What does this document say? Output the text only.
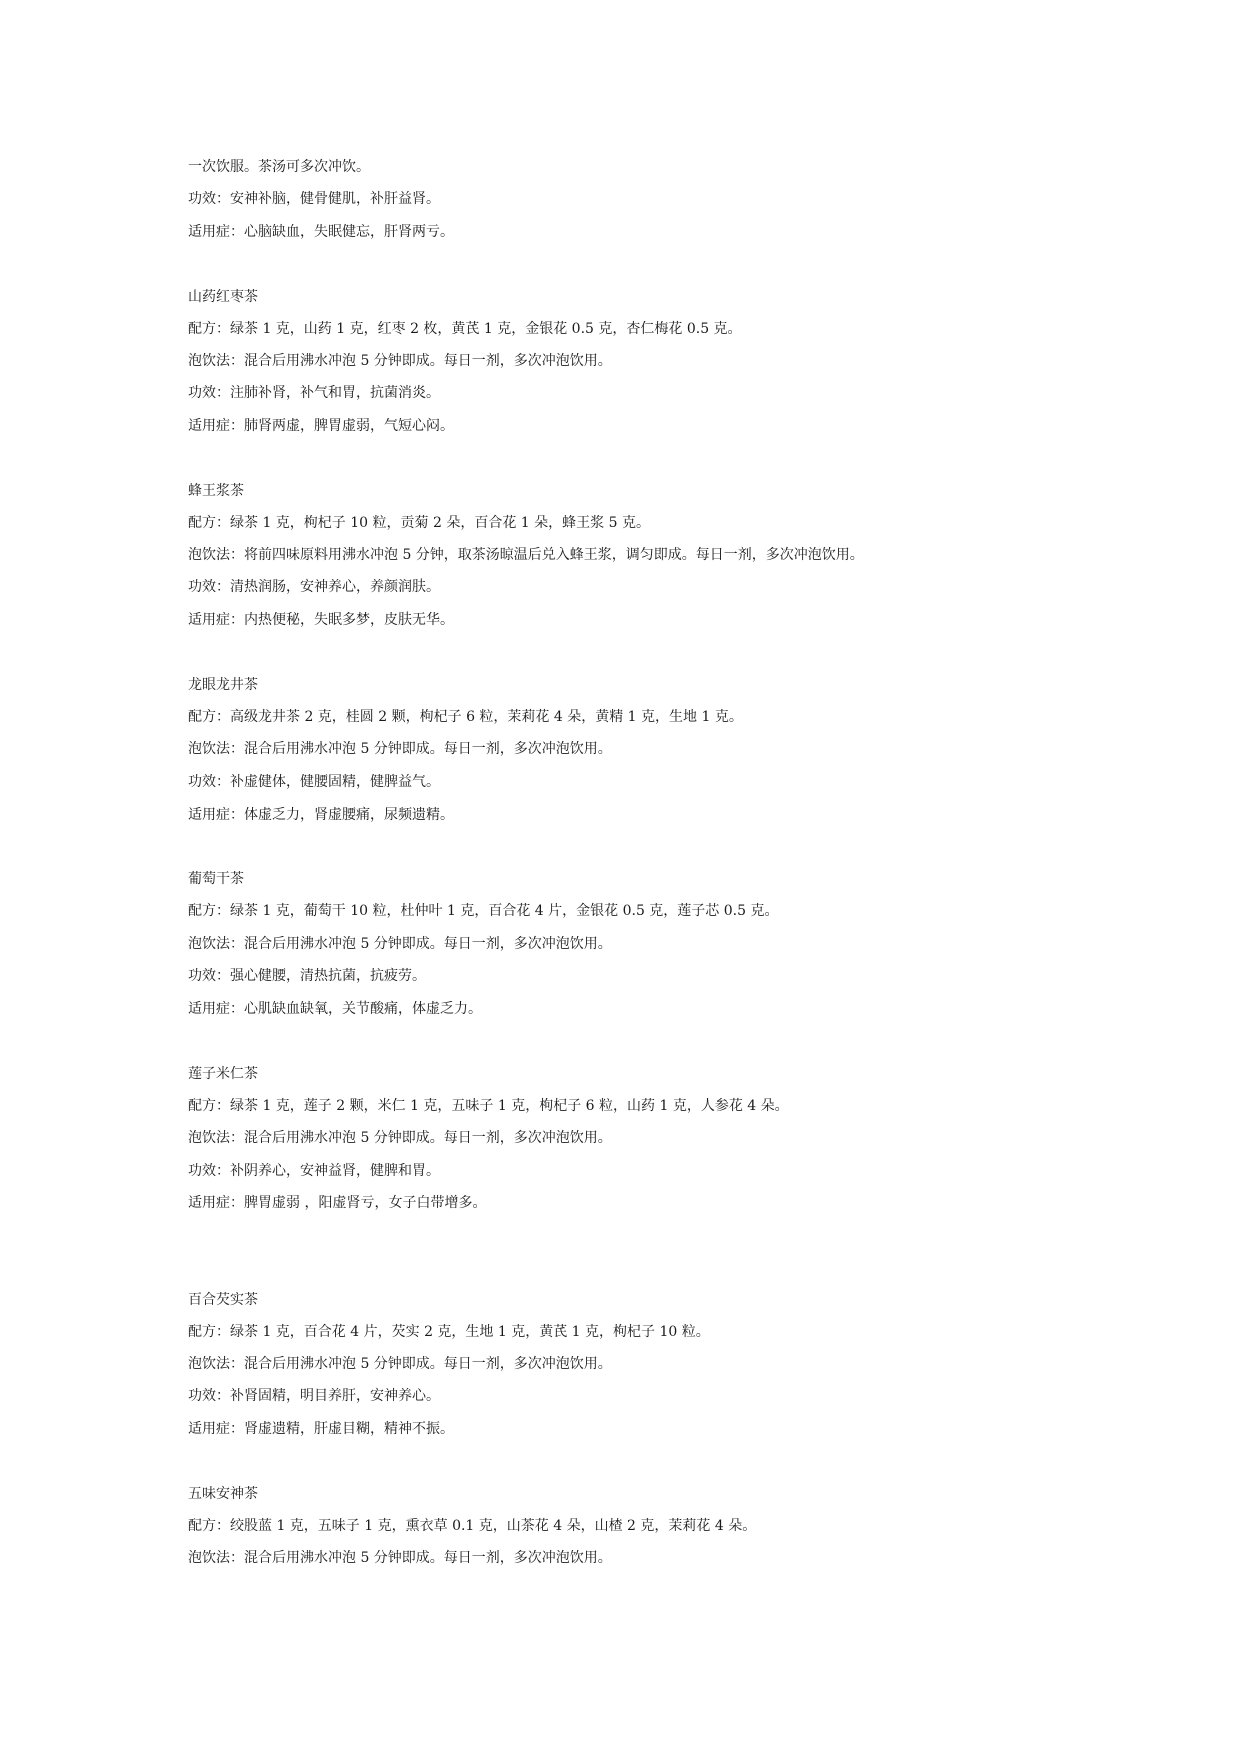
一次饮服。茶汤可多次冲饮。
功效：安神补脑，健骨健肌，补肝益肾。
适用症：心脑缺血，失眠健忘，肝肾两亏。
山药红枣茶
配方：绿茶 1 克，山药 1 克，红枣 2 枚，黄芪 1 克，金银花 0.5 克，杏仁梅花 0.5 克。
泡饮法：混合后用沸水冲泡 5 分钟即成。每日一剂，多次冲泡饮用。
功效：注肺补肾，补气和胃，抗菌消炎。
适用症：肺肾两虚，脾胃虚弱，气短心闷。
蜂王浆茶
配方：绿茶 1 克，枸杞子 10 粒，贡菊 2 朵，百合花 1 朵，蜂王浆 5 克。
泡饮法：将前四味原料用沸水冲泡 5 分钟，取茶汤晾温后兑入蜂王浆，调匀即成。每日一剂，多次冲泡饮用。
功效：清热润肠，安神养心，养颜润肤。
适用症：内热便秘，失眠多梦，皮肤无华。
龙眼龙井茶
配方：高级龙井茶 2 克，桂圆 2 颗，枸杞子 6 粒，茉莉花 4 朵，黄精 1 克，生地 1 克。
泡饮法：混合后用沸水冲泡 5 分钟即成。每日一剂，多次冲泡饮用。
功效：补虚健体，健腰固精，健脾益气。
适用症：体虚乏力，肾虚腰痛，尿频遗精。
葡萄干茶
配方：绿茶 1 克，葡萄干 10 粒，杜仲叶 1 克，百合花 4 片，金银花 0.5 克，莲子芯 0.5 克。
泡饮法：混合后用沸水冲泡 5 分钟即成。每日一剂，多次冲泡饮用。
功效：强心健腰，清热抗菌，抗疲劳。
适用症：心肌缺血缺氧，关节酸痛，体虚乏力。
莲子米仁茶
配方：绿茶 1 克，莲子 2 颗，米仁 1 克，五味子 1 克，枸杞子 6 粒，山药 1 克，人参花 4 朵。
泡饮法：混合后用沸水冲泡 5 分钟即成。每日一剂，多次冲泡饮用。
功效：补阴养心，安神益肾，健脾和胃。
适用症：脾胃虚弱 ，阳虚肾亏，女子白带增多。
百合芡实茶
配方：绿茶 1 克，百合花 4 片，芡实 2 克，生地 1 克，黄芪 1 克，枸杞子 10 粒。
泡饮法：混合后用沸水冲泡 5 分钟即成。每日一剂，多次冲泡饮用。
功效：补肾固精，明目养肝，安神养心。
适用症：肾虚遗精，肝虚目糊，精神不振。
五味安神茶
配方：绞股蓝 1 克，五味子 1 克，熏衣草 0.1 克，山茶花 4 朵，山楂 2 克，茉莉花 4 朵。
泡饮法：混合后用沸水冲泡 5 分钟即成。每日一剂，多次冲泡饮用。
